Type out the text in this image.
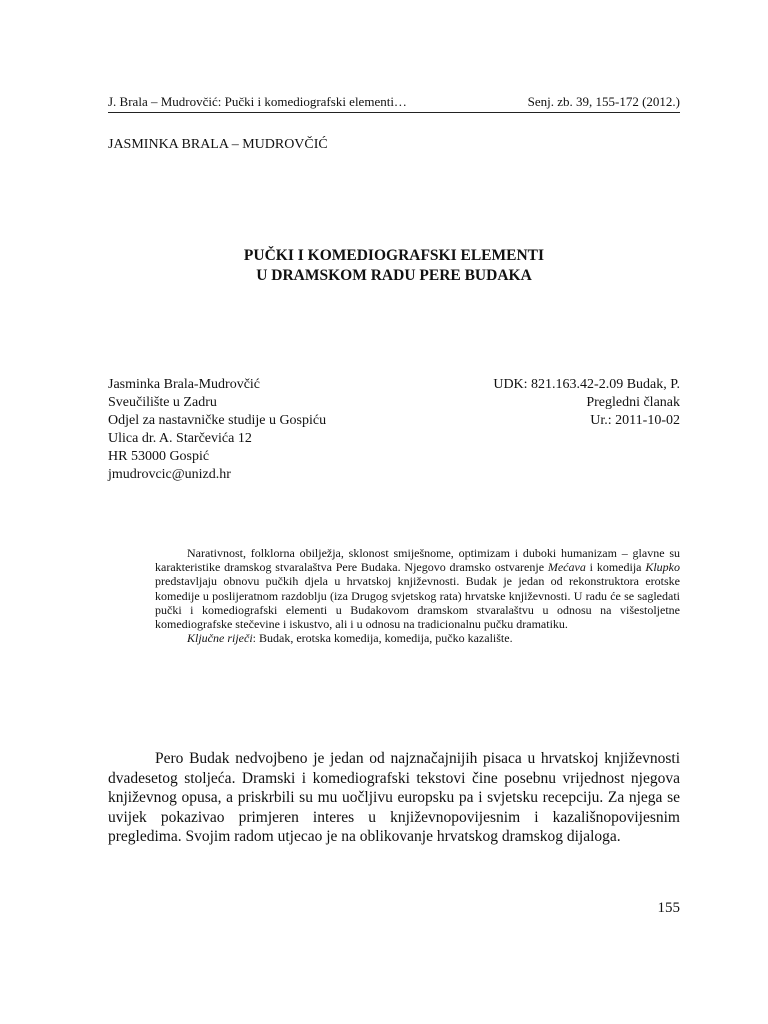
J. Brala – Mudrovčić: Pučki i komediografski elementi…	Senj. zb. 39, 155-172 (2012.)
JASMINKA BRALA – MUDROVČIĆ
PUČKI I KOMEDIOGRAFSKI ELEMENTI
U DRAMSKOM RADU PERE BUDAKA
Jasminka Brala-Mudrovčić
Sveučilište u Zadru
Odjel za nastavničke studije u Gospiću
Ulica dr. A. Starčevića 12
HR 53000 Gospić
jmudrovcic@unizd.hr
UDK: 821.163.42-2.09 Budak, P.
Pregledni članak
Ur.: 2011-10-02

Narativnost, folklorna obilježja, sklonost smiješnome, optimizam i duboki humanizam – glavne su karakteristike dramskog stvaralaštva Pere Budaka. Njegovo dramsko ostvarenje Mećava i komedija Klupko predstavljaju obnovu pučkih djela u hrvatskoj književnosti. Budak je jedan od rekonstruktora erotske komedije u poslijeratnom razdoblju (iza Drugog svjetskog rata) hrvatske književnosti. U radu će se sagledati pučki i komediografski elementi u Budakovom dramskom stvaralaštvu u odnosu na višestoljetne komediografske stečevine i iskustvo, ali i u odnosu na tradicionalnu pučku dramatiku.

Ključne riječi: Budak, erotska komedija, komedija, pučko kazalište.

Pero Budak nedvojbeno je jedan od najznačajnijih pisaca u hrvatskoj književnosti dvadesetog stoljeća. Dramski i komediografski tekstovi čine posebnu vrijednost njegova književnog opusa, a priskrbili su mu uočljivu europsku pa i svjetsku recepciju. Za njega se uvijek pokazivao primjeren interes u književnopovijesnim i kazališnopovijesnim pregledima. Svojim radom utjecao je na oblikovanje hrvatskog dramskog dijaloga.

155
